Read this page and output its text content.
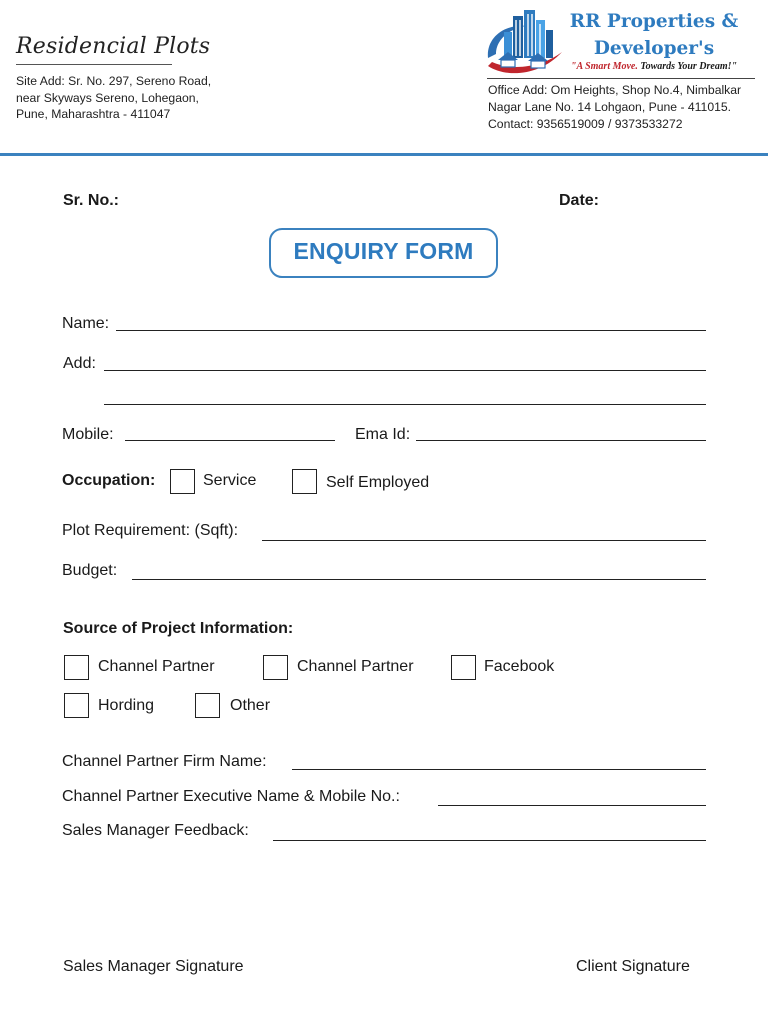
Residencial Plots
Site Add: Sr. No. 297, Sereno Road,
near Skyways Sereno, Lohegaon,
Pune, Maharashtra - 411047
RR Properties &
Developer's
"A Smart Move. Towards Your Dream!"
Office Add: Om Heights, Shop No.4, Nimbalkar
Nagar Lane No. 14 Lohgaon, Pune - 411015.
Contact: 9356519009 / 9373533272
Sr. No.:	Date:
ENQUIRY FORM
Name:
Add:
Mobile:	Ema Id:
Occupation:	Service	Self Employed
Plot Requirement: (Sqft):
Budget:
Source of Project Information:
Channel Partner	Channel Partner	Facebook
Hording	Other
Channel Partner Firm Name:
Channel Partner Executive Name & Mobile No.:
Sales Manager Feedback:
Sales Manager Signature	Client Signature
